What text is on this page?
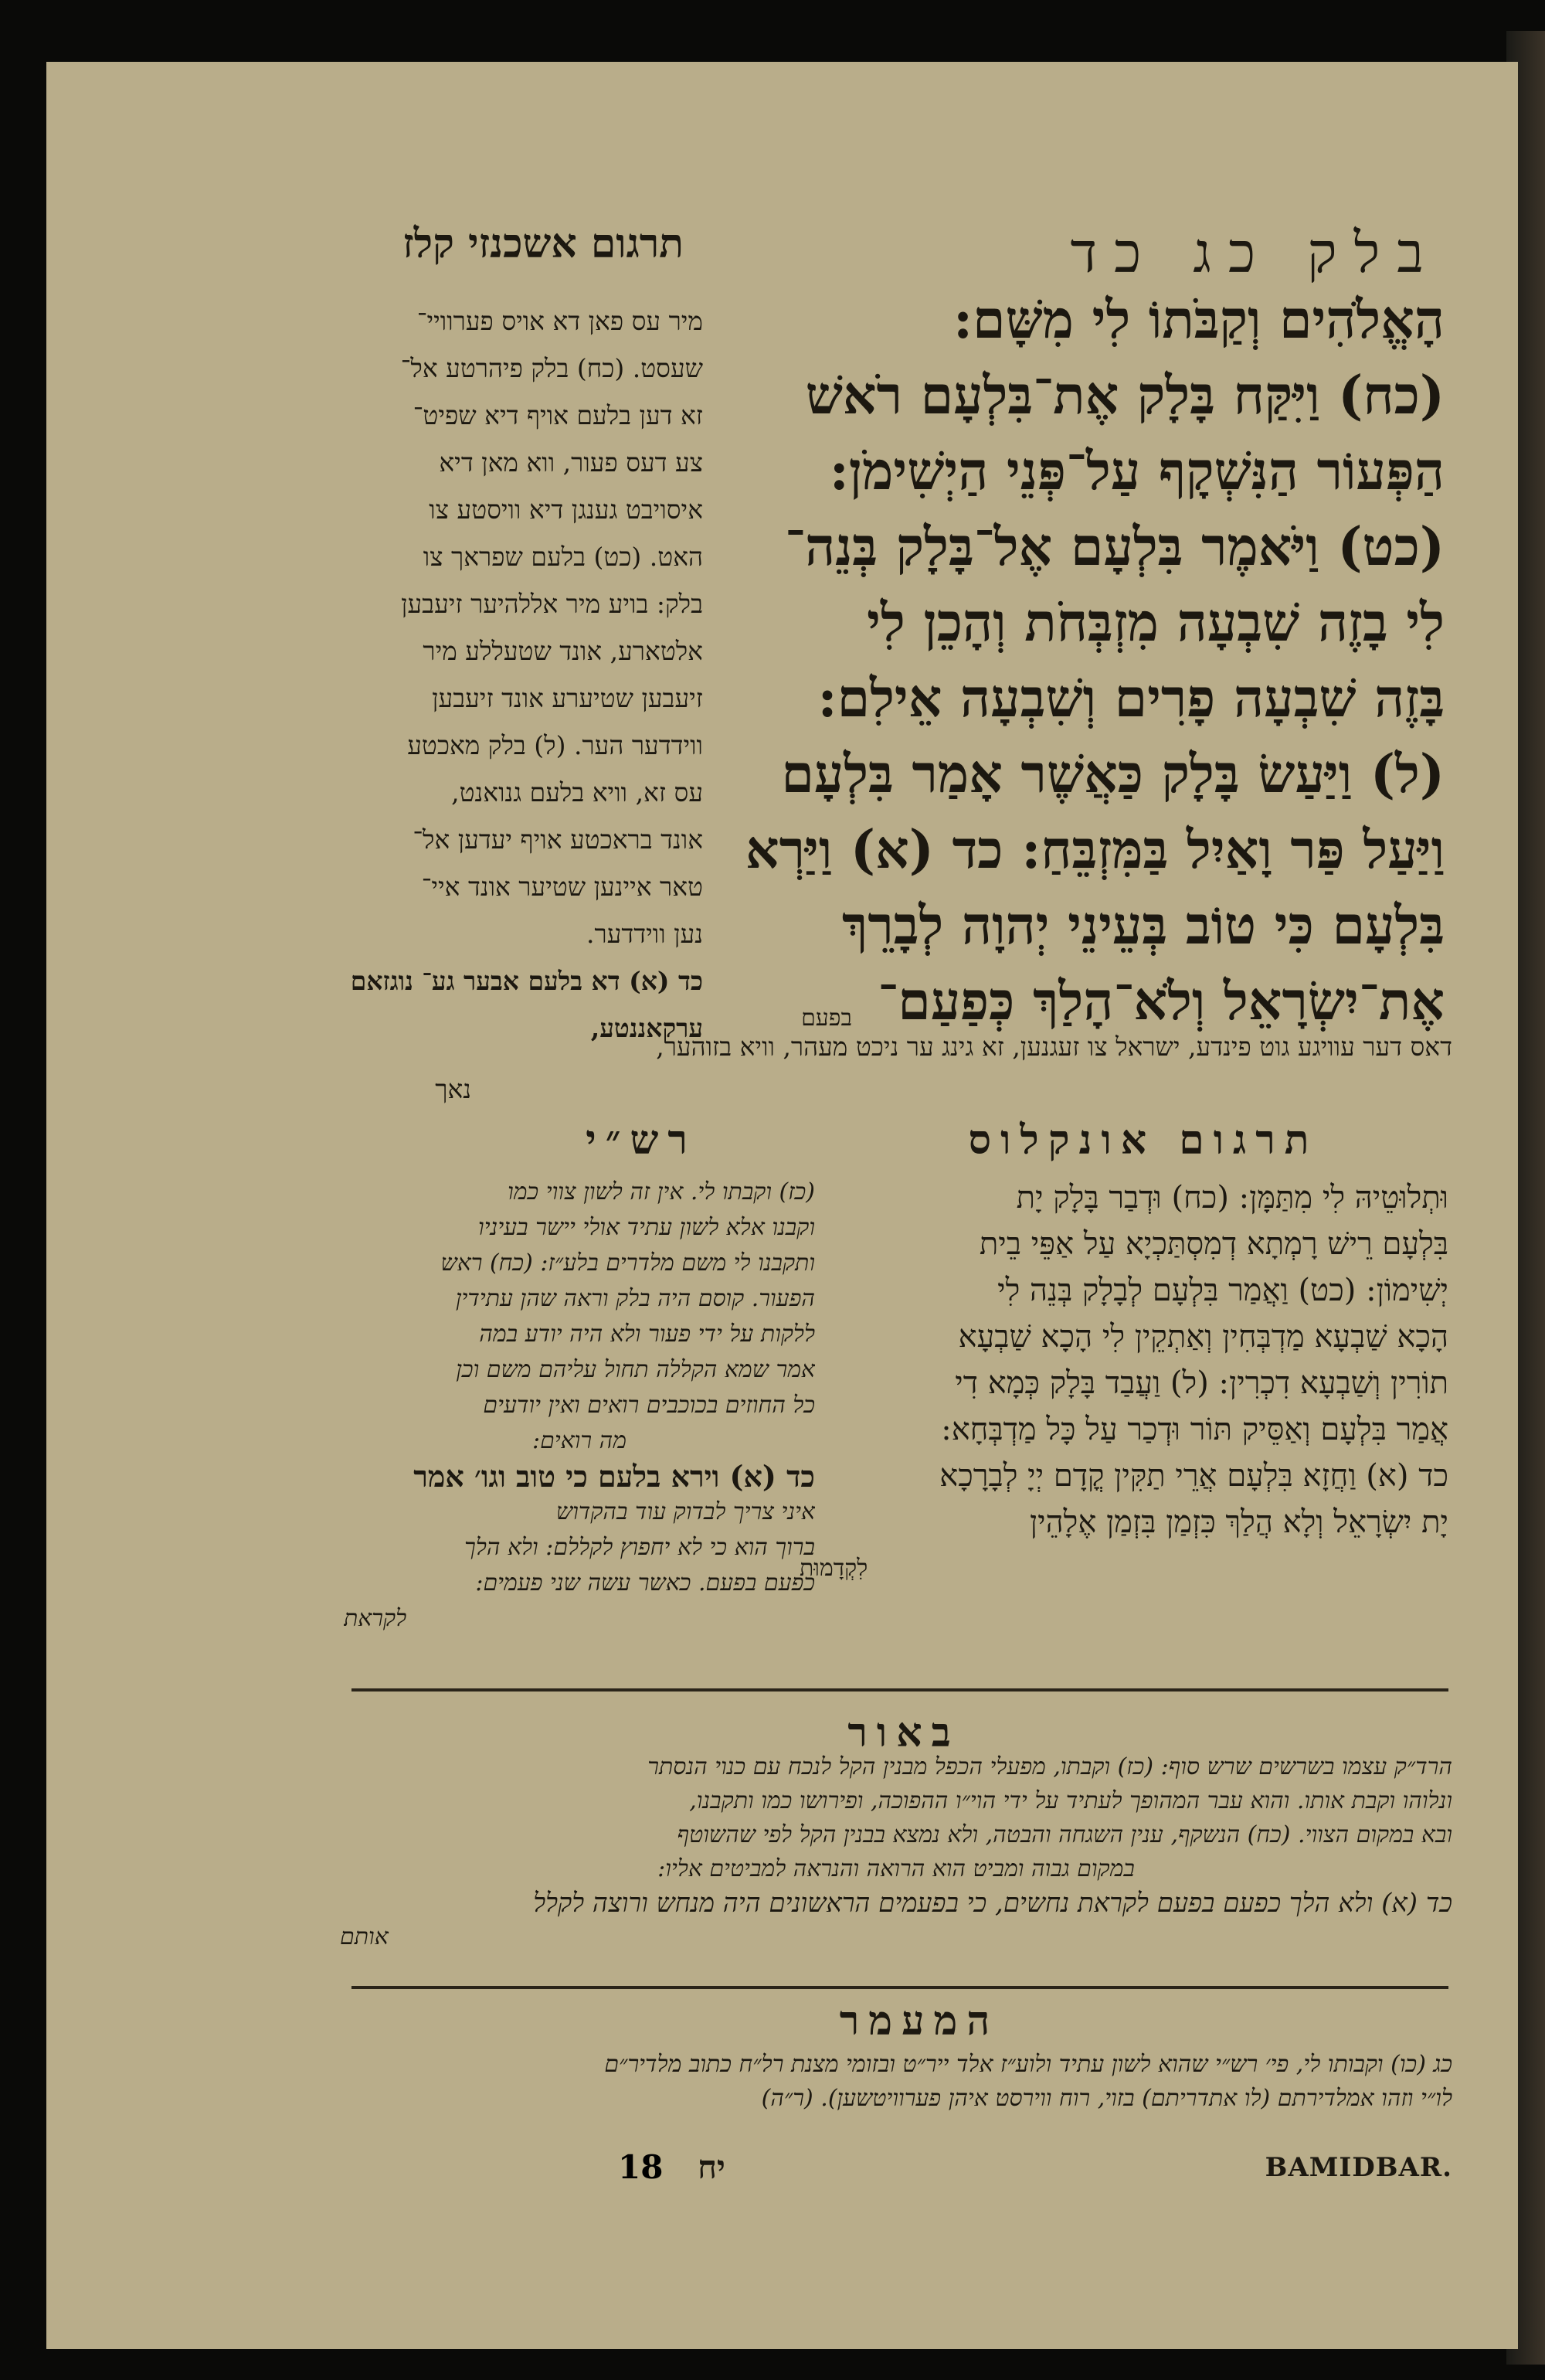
בלק כג כד
תרגום אשכנזי קלז

הָאֱלֹהִים וְקַבֹּתוֹ לִי מִשָּׁם:

(כח) וַיִּקַּח בָּלָק אֶת־בִּלְעָם רֹאשׁ

הַפְּעוֹר הַנִּשְׁקָף עַל־פְּנֵי הַיְשִׁימֹן:

(כט) וַיֹּאמֶר בִּלְעָם אֶל־בָּלָק בְּנֵה־

לִי בָזֶה שִׁבְעָה מִזְבְּחֹת וְהָכֵן לִי

בָּזֶה שִׁבְעָה פָרִים וְשִׁבְעָה אֵילִם:

(ל) וַיַּעַשׂ בָּלָק כַּאֲשֶׁר אָמַר בִּלְעָם

וַיַּעַל פַּר וָאַיִל בַּמִּזְבֵּחַ: כד (א) וַיַּרְא

בִּלְעָם כִּי טוֹב בְּעֵינֵי יְהוָה לְבָרֵךְ

אֶת־יִשְׂרָאֵל וְלֹא־הָלַךְ כְּפַעַם־

מיר עס פאן דא אויס פערוויי־

שעסט. (כח) בלק פיהרטע אל־

זא דען בלעם אויף דיא שפיט־

צע דעס פעור, ווא מאן דיא

איסויבט גענגן דיא וויסטע צו

האט. (כט) בלעם שפראך צו

בלק: בויע מיר אללהיער זיעבען

אלטארע, אונד שטעללע מיר

זיעבען שטיערע אונד זיעבען

ווידדער הער. (ל) בלק מאכטע

עס זא, וויא בלעם גנואנט,

אונד בראכטע אויף יעדען אל־

טאר איינען שטיער אונד איי־

נען ווידדער.

כד (א) דא בלעם אבער גע־ נוגזאם ערקאננטע,	בפעם
דאס דער עוויגע גוט פינדע, ישראל צו זעגנען, זא גינג ער ניכט מעהר, וויא בזוהער,
נאך
תרגום אונקלוס
רש״י

וּתְלוּטֵיהּ לִי מִתַּמָּן: (כח) וּדְבַר בָּלָק יָת

בִּלְעָם רֵישׁ רָמְתָא דְמִסְתַּכְיָא עַל אַפֵּי בֵית

יְשִׁימוֹן: (כט) וַאֲמַר בִּלְעָם לְבָלָק בְּנֵה לִי

הָכָא שַׁבְעָא מַדְבְּחִין וְאַתְקֵין לִי הָכָא שַׁבְעָא

תוֹרִין וְשַׁבְעָא דִכְרִין: (ל) וַעֲבַד בָּלָק כְּמָא דִי

אֲמַר בִּלְעָם וְאַסֵּיק תּוֹר וּדְכַר עַל כָּל מַדְבְּחָא:

כד (א) וַחֲזָא בִּלְעָם אֲרֵי תַקִּין קֳדָם יְיָ לְבָרָכָא

יָת יִשְׂרָאֵל וְלָא הֲלַךְ כִּזְמַן בִּזְמַן אֶלָהֵין

לִקְדָמוּת

(כז) וקבתו לי. אין זה לשון צווי כמו

וקבנו אלא לשון עתיד אולי יישר בעיניו

ותקבנו לי משם מלדרים בלע״ז: (כח) ראש

הפעור. קוסם היה בלק וראה שהן עתידין

ללקות על ידי פעור ולא היה יודע במה

אמר שמא הקללה תחול עליהם משם וכן

כל החוזים בכוכבים רואים ואין יודעים

מה רואים:

כד (א) וירא בלעם כי טוב וגו׳ אמר

איני צריך לבדוק עוד בהקדוש

ברוך הוא כי לא יחפוץ לקללם: ולא הלך

כפעם בפעם. כאשר עשה שני פעמים:

לקראת

באור

הרד״ק עצמו בשרשים שרש סוף: (כז) וקבתו, מפעלי הכפל מבנין הקל לנכח עם כנוי הנסתר

ונלוהו וקבת אותו. והוא עבר המהופך לעתיד על ידי הוי״ו ההפוכה, ופירושו כמו ותקבנו,

ובא במקום הצווי. (כח) הנשקף, ענין השגחה והבטה, ולא נמצא בבנין הקל לפי שהשוטף

במקום גבוה ומביט הוא הרואה והנראה למביטים אליו:

כד (א) ולא הלך כפעם בפעם לקראת נחשים, כי בפעמים הראשונים היה מנחש ורוצה לקלל

אותם

המעמר

כג (כו) וקבותו לי, פי׳ רש״י שהוא לשון עתיד ולוע״ז אלד ייר״ט ובזומי מצנת רל״ח כתוב מלדיר״ם

לו״י וזהו אמלדירתם (לו אתדריתם) בזוי, רוח ווירסט איהן פערוויטשען). (ר״ה)

18 יח	BAMIDBAR.
